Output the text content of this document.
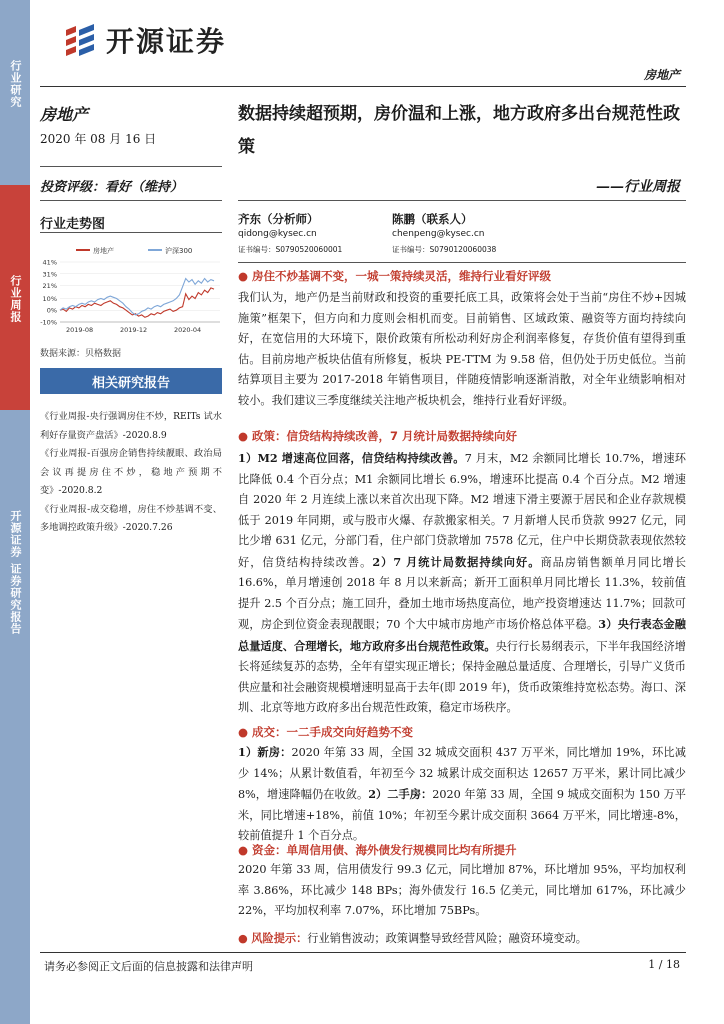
行业研究
行业周报
开源证券 证券研究报告
开源证券
房地产
房地产
2020 年 08 月 16 日
投资评级：看好（维持）
行业走势图
房地产	沪深300
41%
31%
21%
10%
0%
-10%
2019-08	2019-12	2020-04
数据来源：贝格数据
相关研究报告
《行业周报-央行强调房住不炒，REITs 试水利好存量资产盘活》-2020.8.9
《行业周报-百强房企销售持续靓眼、政治局会议再提房住不炒，稳地产预期不变》-2020.8.2
《行业周报-成交稳增，房住不炒基调不变、多地调控政策升级》-2020.7.26
数据持续超预期，房价温和上涨，地方政府多出台规范性政策
——行业周报
齐东（分析师）
qidong@kysec.cn
证书编号：S0790520060001
陈鹏（联系人）
chenpeng@kysec.cn
证书编号：S0790120060038
● 房住不炒基调不变，一城一策持续灵活，维持行业看好评级
我们认为，地产仍是当前财政和投资的重要托底工具，政策将会处于当前“房住不炒+因城施策”框架下，但方向和力度则会相机而变。目前销售、区域政策、融资等方面均持续向好，在宽信用的大环境下，限价政策有所松动利好房企利润率修复，存货价值有望得到重估。目前房地产板块估值有所修复，板块 PE-TTM 为 9.58 倍，但仍处于历史低位。当前结算项目主要为 2017-2018 年销售项目，伴随疫情影响逐渐消散，对全年业绩影响相对较小。我们建议三季度继续关注地产板块机会，维持行业看好评级。
● 政策：信贷结构持续改善，7 月统计局数据持续向好
1）M2 增速高位回落，信贷结构持续改善。7 月末，M2 余额同比增长 10.7%，增速环比降低 0.4 个百分点；M1 余额同比增长 6.9%，增速环比提高 0.4 个百分点。M2 增速自 2020 年 2 月连续上涨以来首次出现下降。M2 增速下滑主要源于居民和企业存款规模低于 2019 年同期，或与股市火爆、存款搬家相关。7 月新增人民币贷款 9927 亿元，同比少增 631 亿元，分部门看，住户部门贷款增加 7578 亿元，住户中长期贷款表现依然较好，信贷结构持续改善。2）7 月统计局数据持续向好。商品房销售额单月同比增长 16.6%，单月增速创 2018 年 8 月以来新高；新开工面积单月同比增长 11.3%，较前值提升 2.5 个百分点；施工回升，叠加土地市场热度高位，地产投资增速达 11.7%；回款可观，房企到位资金表现靓眼；70 个大中城市房地产市场价格总体平稳。3）央行表态金融总量适度、合理增长，地方政府多出台规范性政策。央行行长易纲表示，下半年我国经济增长将延续复苏的态势，全年有望实现正增长；保持金融总量适度、合理增长，引导广义货币供应量和社会融资规模增速明显高于去年(即 2019 年)，货币政策维持宽松态势。海口、深圳、北京等地方政府多出台规范性政策，稳定市场秩序。
● 成交：一二手成交向好趋势不变
1）新房：2020 年第 33 周，全国 32 城成交面积 437 万平米，同比增加 19%，环比减少 14%；从累计数值看，年初至今 32 城累计成交面积达 12657 万平米，累计同比减少 8%，增速降幅仍在收敛。2）二手房：2020 年第 33 周，全国 9 城成交面积为 150 万平米，同比增速+18%，前值 10%；年初至今累计成交面积 3664 万平米，同比增速-8%，较前值提升 1 个百分点。
● 资金：单周信用债、海外债发行规模同比均有所提升
2020 年第 33 周，信用债发行 99.3 亿元，同比增加 87%，环比增加 95%，平均加权利率 3.86%，环比减少 148 BPs；海外债发行 16.5 亿美元，同比增加 617%，环比减少 22%，平均加权利率 7.07%，环比增加 75BPs。
● 风险提示：行业销售波动；政策调整导致经营风险；融资环境变动。
请务必参阅正文后面的信息披露和法律声明	1 / 18
